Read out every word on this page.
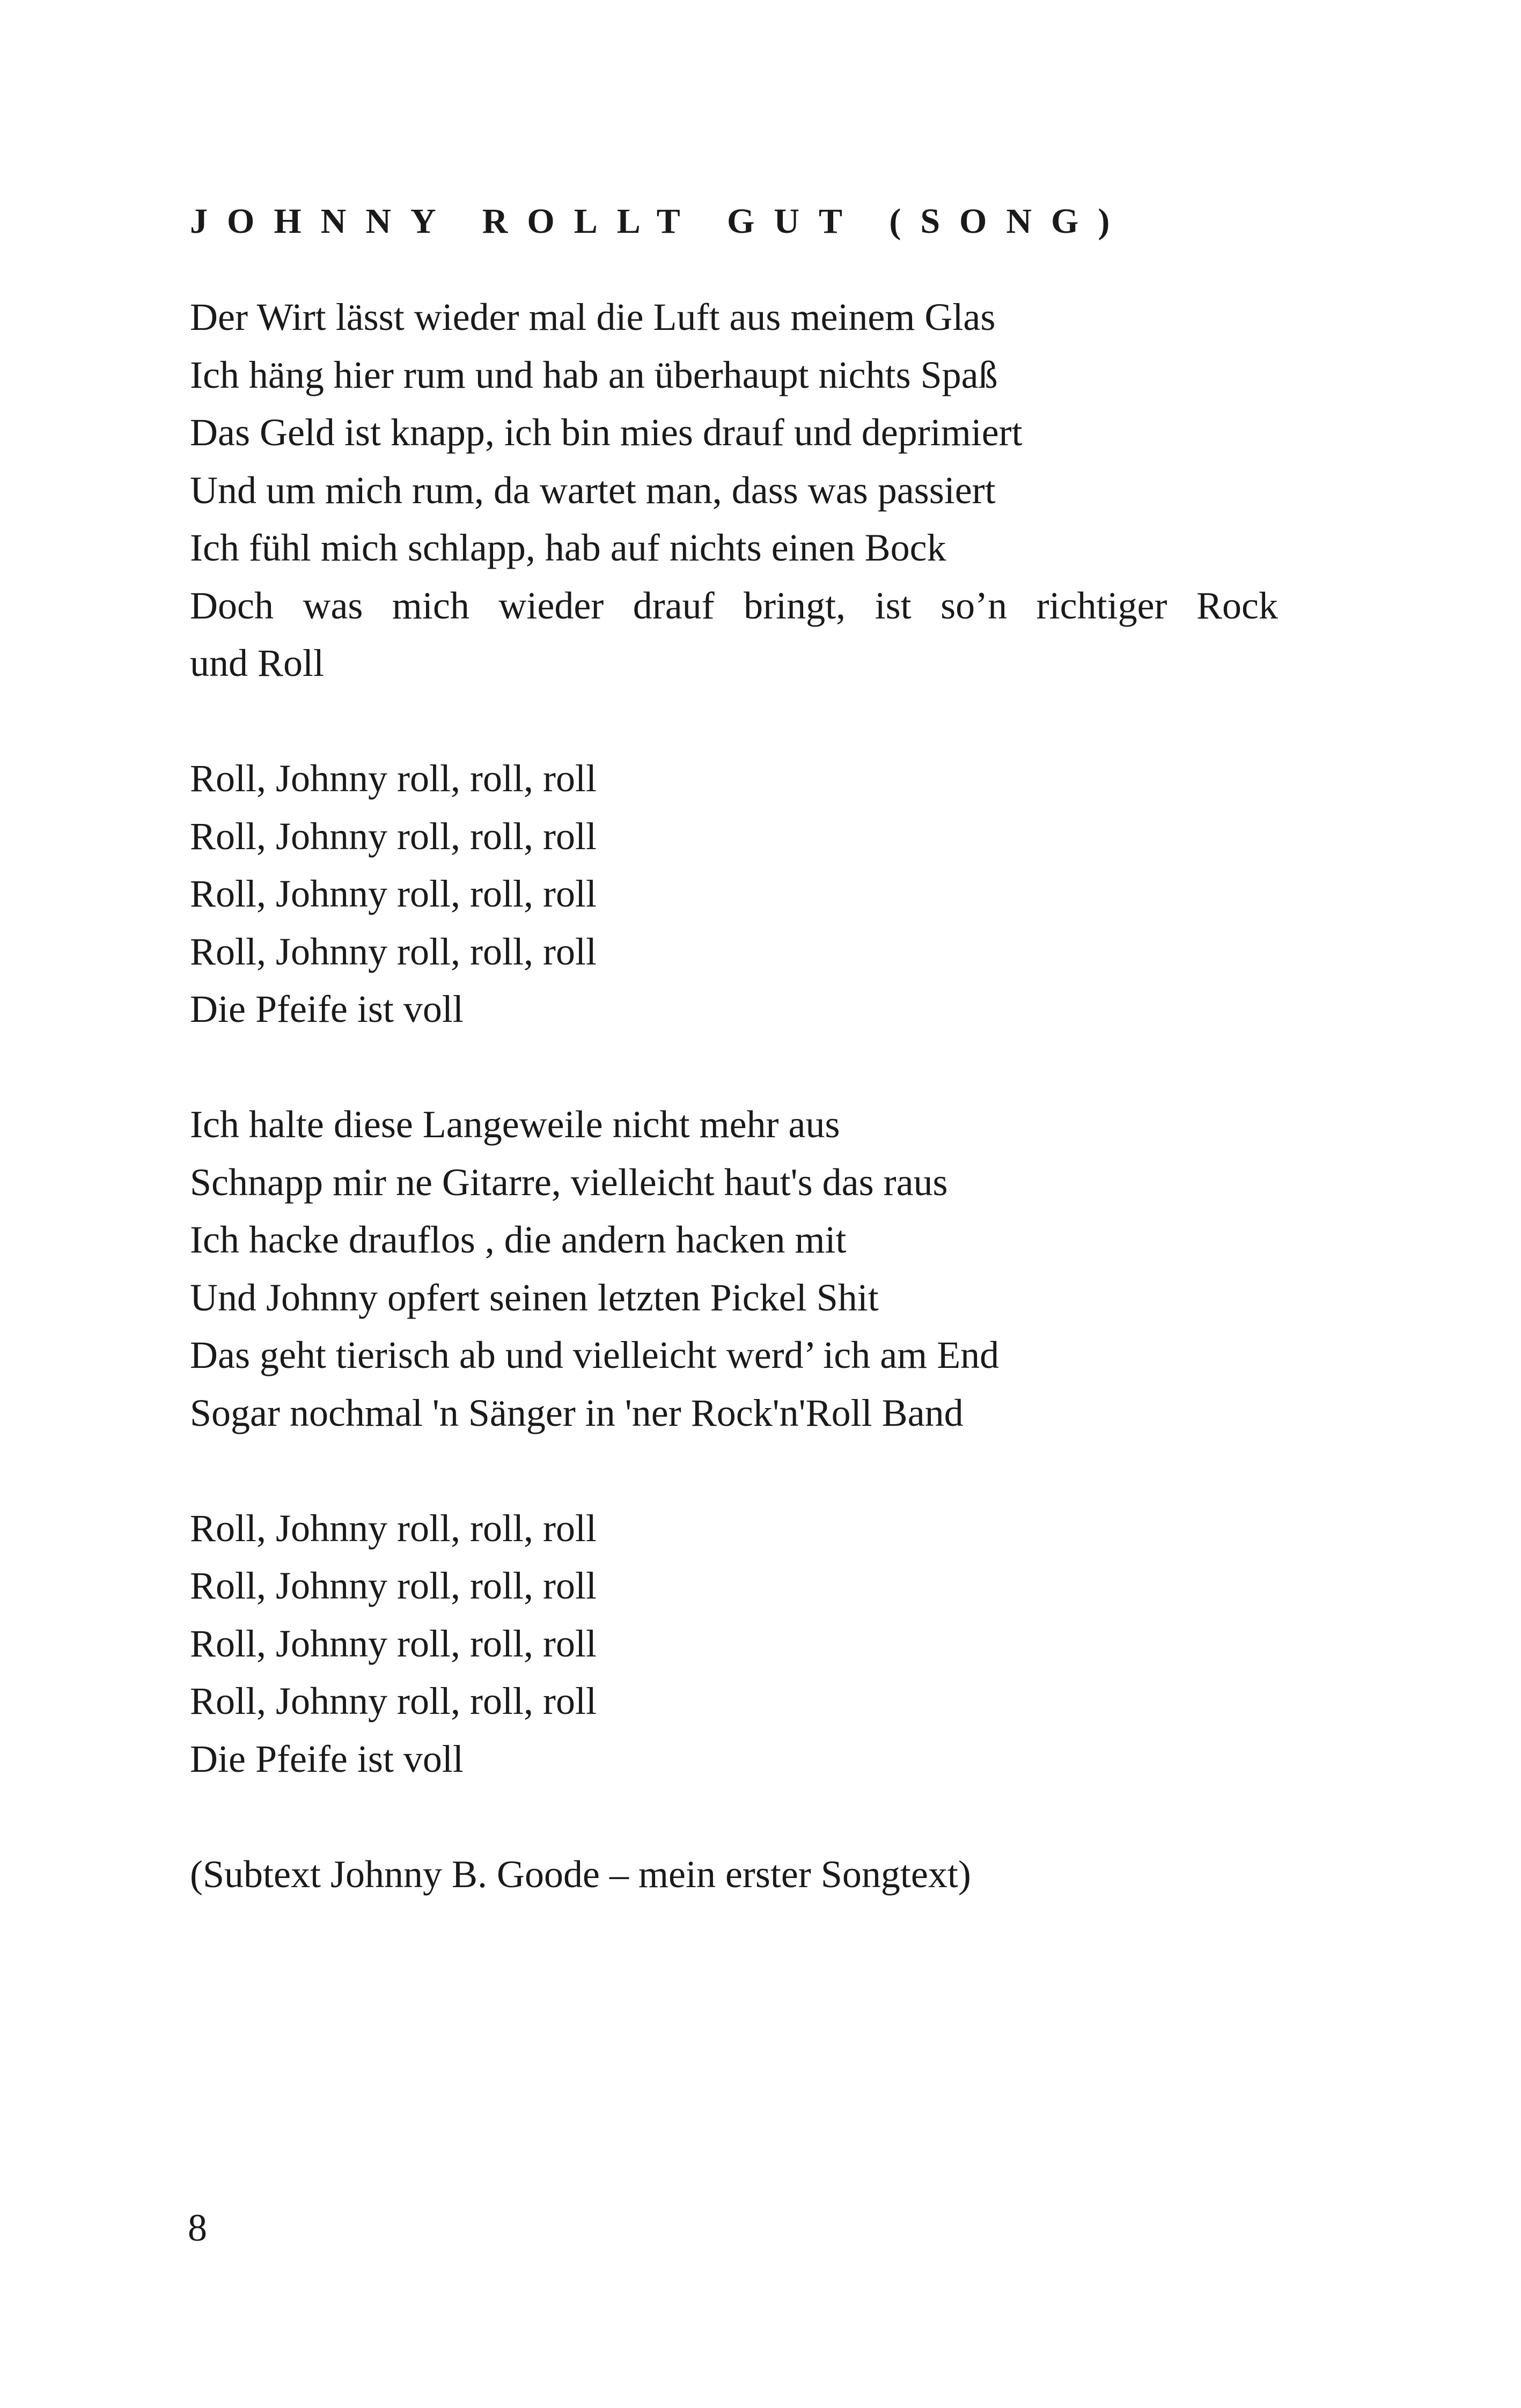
JOHNNY ROLLT GUT (SONG)
Der Wirt lässt wieder mal die Luft aus meinem Glas
Ich häng hier rum und hab an überhaupt nichts Spaß
Das Geld ist knapp, ich bin mies drauf und deprimiert
Und um mich rum, da wartet man, dass was passiert
Ich fühl mich schlapp, hab auf nichts einen Bock
Doch was mich wieder drauf bringt, ist so’n richtiger Rock
und Roll
Roll, Johnny roll, roll, roll
Roll, Johnny roll, roll, roll
Roll, Johnny roll, roll, roll
Roll, Johnny roll, roll, roll
Die Pfeife ist voll
Ich halte diese Langeweile nicht mehr aus
Schnapp mir ne Gitarre, vielleicht haut's das raus
Ich hacke drauflos , die andern hacken mit
Und Johnny opfert seinen letzten Pickel Shit
Das geht tierisch ab und vielleicht werd’ ich am End
Sogar nochmal 'n Sänger in 'ner Rock'n'Roll Band
Roll, Johnny roll, roll, roll
Roll, Johnny roll, roll, roll
Roll, Johnny roll, roll, roll
Roll, Johnny roll, roll, roll
Die Pfeife ist voll

(Subtext Johnny B. Goode – mein erster Songtext)

8
